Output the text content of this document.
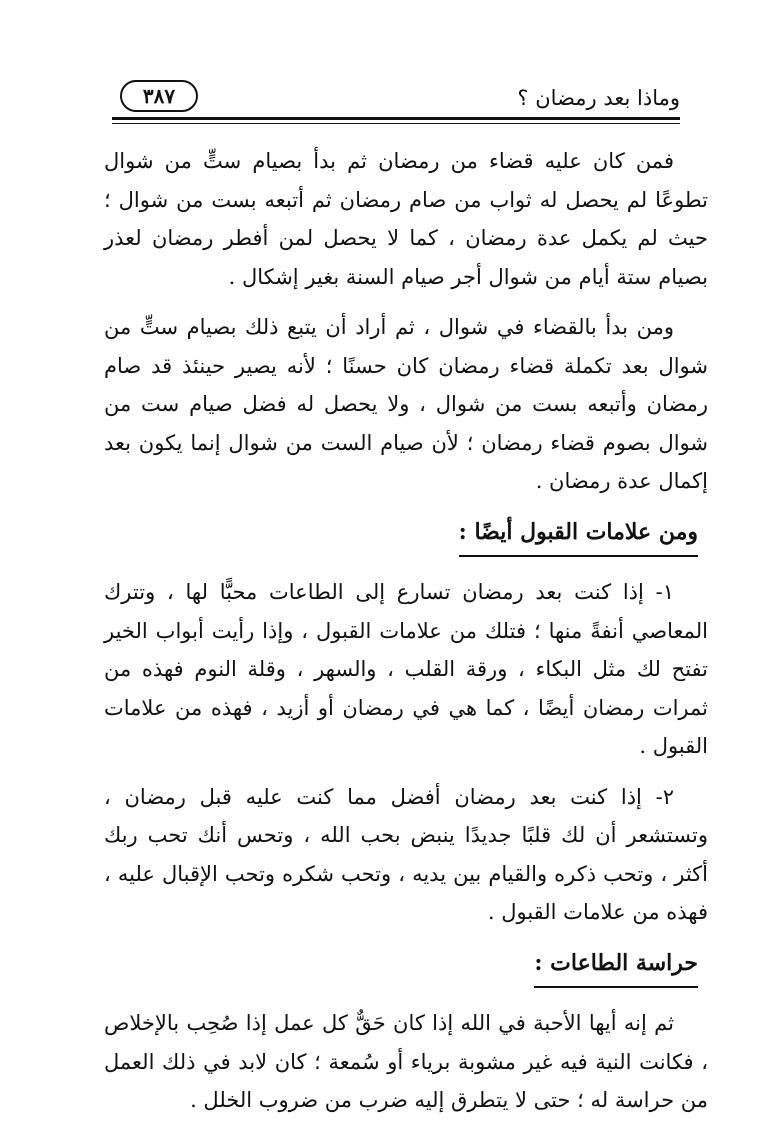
وماذا بعد رمضان ؟
٣٨٧

فمن كان عليه قضاء من رمضان ثم بدأ بصيام ستٍّ من شوال تطوعًا لم يحصل له ثواب من صام رمضان ثم أتبعه بست من شوال ؛ حيث لم يكمل عدة رمضان ، كما لا يحصل لمن أفطر رمضان لعذر بصيام ستة أيام من شوال أجر صيام السنة بغير إشكال .

ومن بدأ بالقضاء في شوال ، ثم أراد أن يتبع ذلك بصيام ستٍّ من شوال بعد تكملة قضاء رمضان كان حسنًا ؛ لأنه يصير حينئذ قد صام رمضان وأتبعه بست من شوال ، ولا يحصل له فضل صيام ست من شوال بصوم قضاء رمضان ؛ لأن صيام الست من شوال إنما يكون بعد إكمال عدة رمضان .

ومن علامات القبول أيضًا :

١- إذا كنت بعد رمضان تسارع إلى الطاعات محبًّا لها ، وتترك المعاصي أنفةً منها ؛ فتلك من علامات القبول ، وإذا رأيت أبواب الخير تفتح لك مثل البكاء ، ورقة القلب ، والسهر ، وقلة النوم فهذه من ثمرات رمضان أيضًا ، كما هي في رمضان أو أزيد ، فهذه من علامات القبول .

٢- إذا كنت بعد رمضان أفضل مما كنت عليه قبل رمضان ، وتستشعر أن لك قلبًا جديدًا ينبض بحب الله ، وتحس أنك تحب ربك أكثر ، وتحب ذكره والقيام بين يديه ، وتحب شكره وتحب الإقبال عليه ، فهذه من علامات القبول .

حراسة الطاعات :

ثم إنه أيها الأحبة في الله إذا كان حَقٌّ كل عمل إذا صُحِب بالإخلاص ، فكانت النية فيه غير مشوبة برياء أو سُمعة ؛ كان لابد في ذلك العمل من حراسة له ؛ حتى لا يتطرق إليه ضرب من ضروب الخلل .
